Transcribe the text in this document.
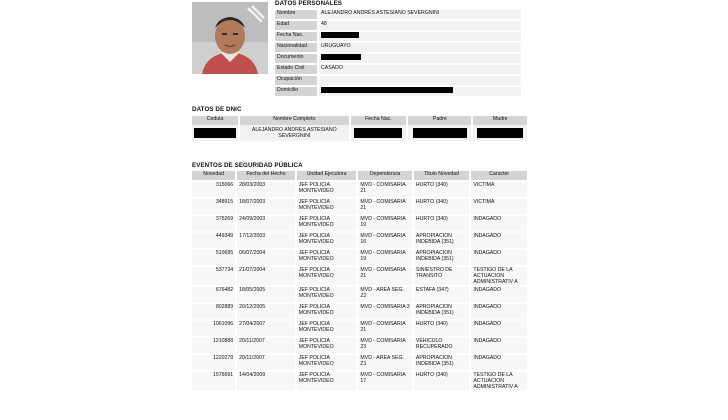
DATOS PERSONALES
Nombre	ALEJANDRO ANDRÉS ASTESIANO SEVERGNINI
Edad	48
Fecha Nac.	
Nacionalidad	URUGUAYO
Documento	
Estado Civil	CASADO
Ocupación	
Domicilio	
DATOS DE DNIC
Cedula	Nombre Completo	Fecha Nac.	Padre	Madre
	ALEJANDRO ANDRÉS ASTESIANO SEVERGNINI			
EVENTOS DE SEGURIDAD PÚBLICA
Novedad	Fecha del Hecho	Unidad Ejecutora	Dependencia	Titulo Novedad	Caracter
315066	28/03/2003	JEF POLICIA MONTEVIDEO	MVD - COMISARIA 21	HURTO (340)	VICTIMA
348915	18/07/2003	JEF POLICIA MONTEVIDEO	MVD - COMISARIA 21	HURTO (340)	VICTIMA
375269	24/09/2003	JEF POLICIA MONTEVIDEO	MVD - COMISARIA 19	HURTO (340)	INDAGADO
449349	17/12/2003	JEF POLICIA MONTEVIDEO	MVD - COMISARIA 16	APROPIACION INDEBIDA (351)	INDAGADO
510695	06/07/2004	JEF POLICIA MONTEVIDEO	MVD - COMISARIA 19	APROPIACION INDEBIDA (351)	INDAGADO
537734	21/07/2004	JEF POLICIA MONTEVIDEO	MVD - COMISARIA 21	SINIESTRO DE TRANSITO	TESTIGO DE LA ACTUACION ADMINISTRATIV A
676482	18/05/2005	JEF POLICIA MONTEVIDEO	MVD - AREA SEG. Z2	ESTAFA (347)	INDAGADO
802889	20/12/2005	JEF POLICIA MONTEVIDEO	MVD - COMISARIA 3	APROPIACION INDEBIDA (351)	INDAGADO
1061096	27/04/2007	JEF POLICIA MONTEVIDEO	MVD - COMISARIA 21	HURTO (340)	INDAGADO
1210888	20/11/2007	JEF POLICIA MONTEVIDEO	MVD - COMISARIA 23	VEHICULO RECUPERADO	INDAGADO
1220279	20/11/2007	JEF POLICIA MONTEVIDEO	MVD - AREA SEG. Z1	APROPIACION INDEBIDA (351)	INDAGADO
1576691	14/04/2009	JEF POLICIA MONTEVIDEO	MVD - COMISARIA 17	HURTO (340)	TESTIGO DE LA ACTUACION ADMINISTRATIV A
